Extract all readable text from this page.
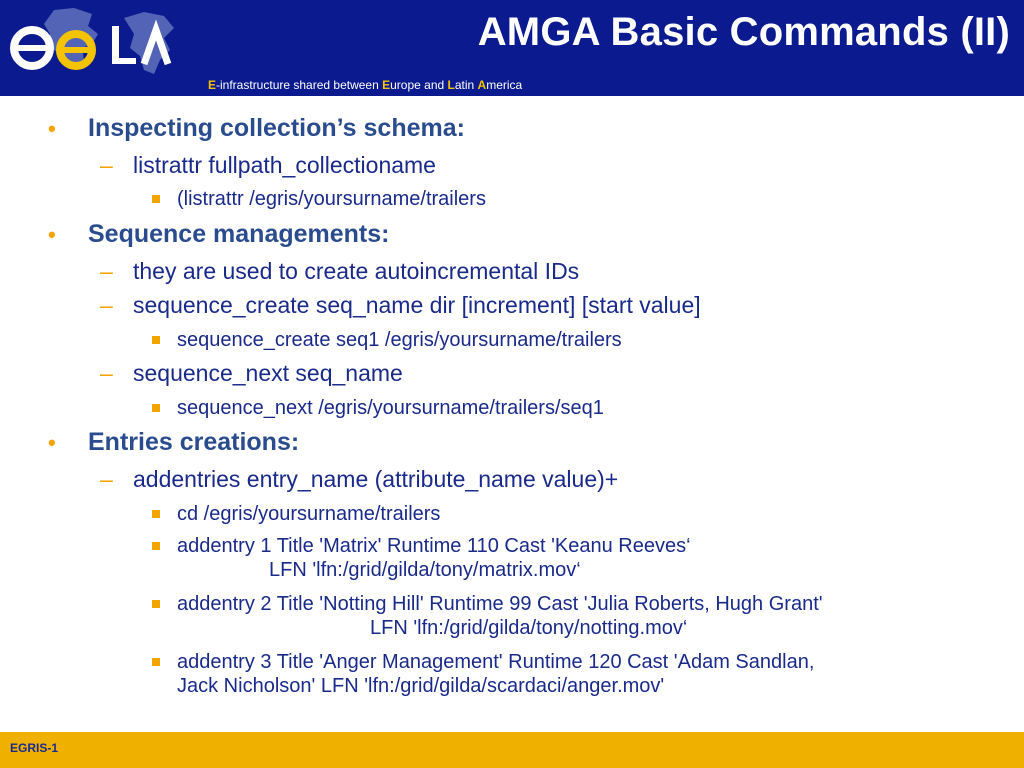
AMGA Basic Commands (II)
E-infrastructure shared between Europe and Latin America
• Inspecting collection’s schema:
– listrattr fullpath_collectioname
(listrattr /egris/yoursurname/trailers
• Sequence managements:
– they are used to create autoincremental IDs
– sequence_create seq_name dir [increment] [start value]
sequence_create seq1 /egris/yoursurname/trailers
– sequence_next seq_name
sequence_next /egris/yoursurname/trailers/seq1
• Entries creations:
– addentries entry_name (attribute_name value)+
cd /egris/yoursurname/trailers
addentry 1 Title 'Matrix' Runtime 110 Cast 'Keanu Reeves‘
LFN 'lfn:/grid/gilda/tony/matrix.mov‘
addentry 2 Title 'Notting Hill' Runtime 99 Cast 'Julia Roberts, Hugh Grant'
LFN 'lfn:/grid/gilda/tony/notting.mov‘
addentry 3 Title 'Anger Management' Runtime 120 Cast 'Adam Sandlan,
Jack Nicholson' LFN 'lfn:/grid/gilda/scardaci/anger.mov'
EGRIS-1
